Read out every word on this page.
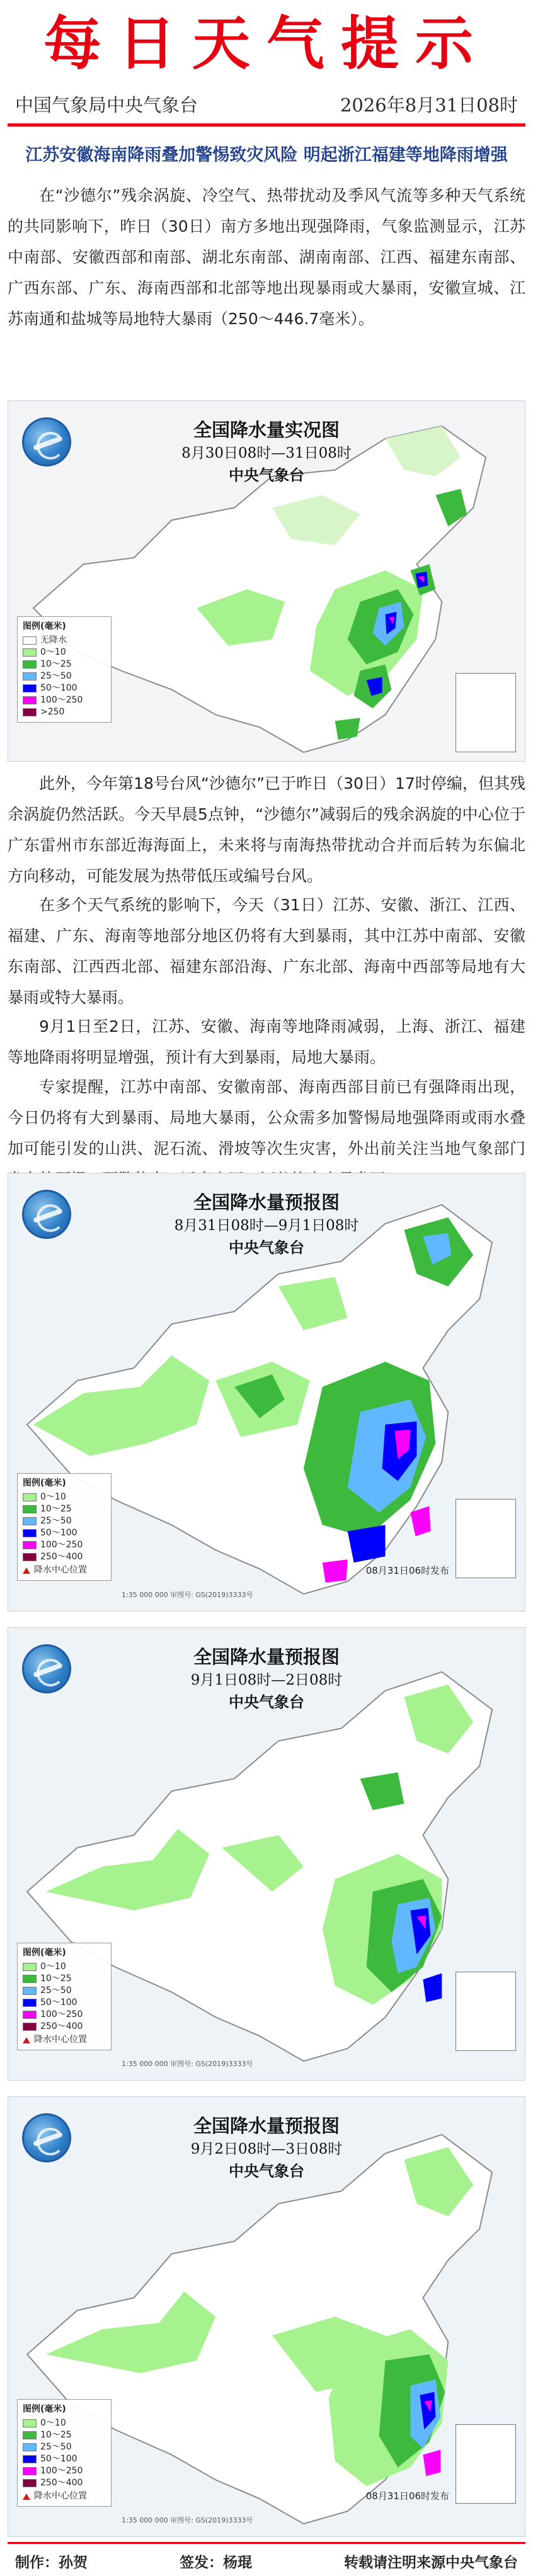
每日天气提示
中国气象局中央气象台	2026年8月31日08时
江苏安徽海南降雨叠加警惕致灾风险 明起浙江福建等地降雨增强

在“沙德尔”残余涡旋、冷空气、热带扰动及季风气流等多种天气系统的共同影响下，昨日（30日）南方多地出现强降雨，气象监测显示，江苏中南部、安徽西部和南部、湖北东南部、湖南南部、江西、福建东南部、广西东部、广东、海南西部和北部等地出现暴雨或大暴雨，安徽宣城、江苏南通和盐城等局地特大暴雨（250～446.7毫米）。

全国降水量实况图
8月30日08时—31日08时
中央气象台
图例(毫米)
无降水
0～10
10～25
25～50
50～100
100～250
>250

此外，今年第18号台风“沙德尔”已于昨日（30日）17时停编，但其残余涡旋仍然活跃。今天早晨5点钟，“沙德尔”减弱后的残余涡旋的中心位于广东雷州市东部近海海面上，未来将与南海热带扰动合并而后转为东偏北方向移动，可能发展为热带低压或编号台风。

在多个天气系统的影响下，今天（31日）江苏、安徽、浙江、江西、福建、广东、海南等地部分地区仍将有大到暴雨，其中江苏中南部、安徽东南部、江西西北部、福建东部沿海、广东北部、海南中西部等局地有大暴雨或特大暴雨。

9月1日至2日，江苏、安徽、海南等地降雨减弱，上海、浙江、福建等地降雨将明显增强，预计有大到暴雨，局地大暴雨。

专家提醒，江苏中南部、安徽南部、海南西部目前已有强降雨出现，今日仍将有大到暴雨、局地大暴雨，公众需多加警惕局地强降雨或雨水叠加可能引发的山洪、泥石流、滑坡等次生灾害，外出前关注当地气象部门

全国降水量预报图
8月31日08时—9月1日08时
中央气象台
图例(毫米)
0～10
10～25
25～50
50～100
100～250
250～400
降水中心位置	08月31日06时发布
1:35 000 000 审图号: GS(2019)3333号
全国降水量预报图
9月1日08时—2日08时
中央气象台
图例(毫米)
0～10
10～25
25～50
50～100
100～250
250～400
降水中心位置
1:35 000 000 审图号: GS(2019)3333号
全国降水量预报图
9月2日08时—3日08时
中央气象台
图例(毫米)
0～10
10～25
25～50
50～100
100～250
250～400
降水中心位置	08月31日06时发布
1:35 000 000 审图号: GS(2019)3333号
制作：孙贺	签发：杨琨	转载请注明来源中央气象台
